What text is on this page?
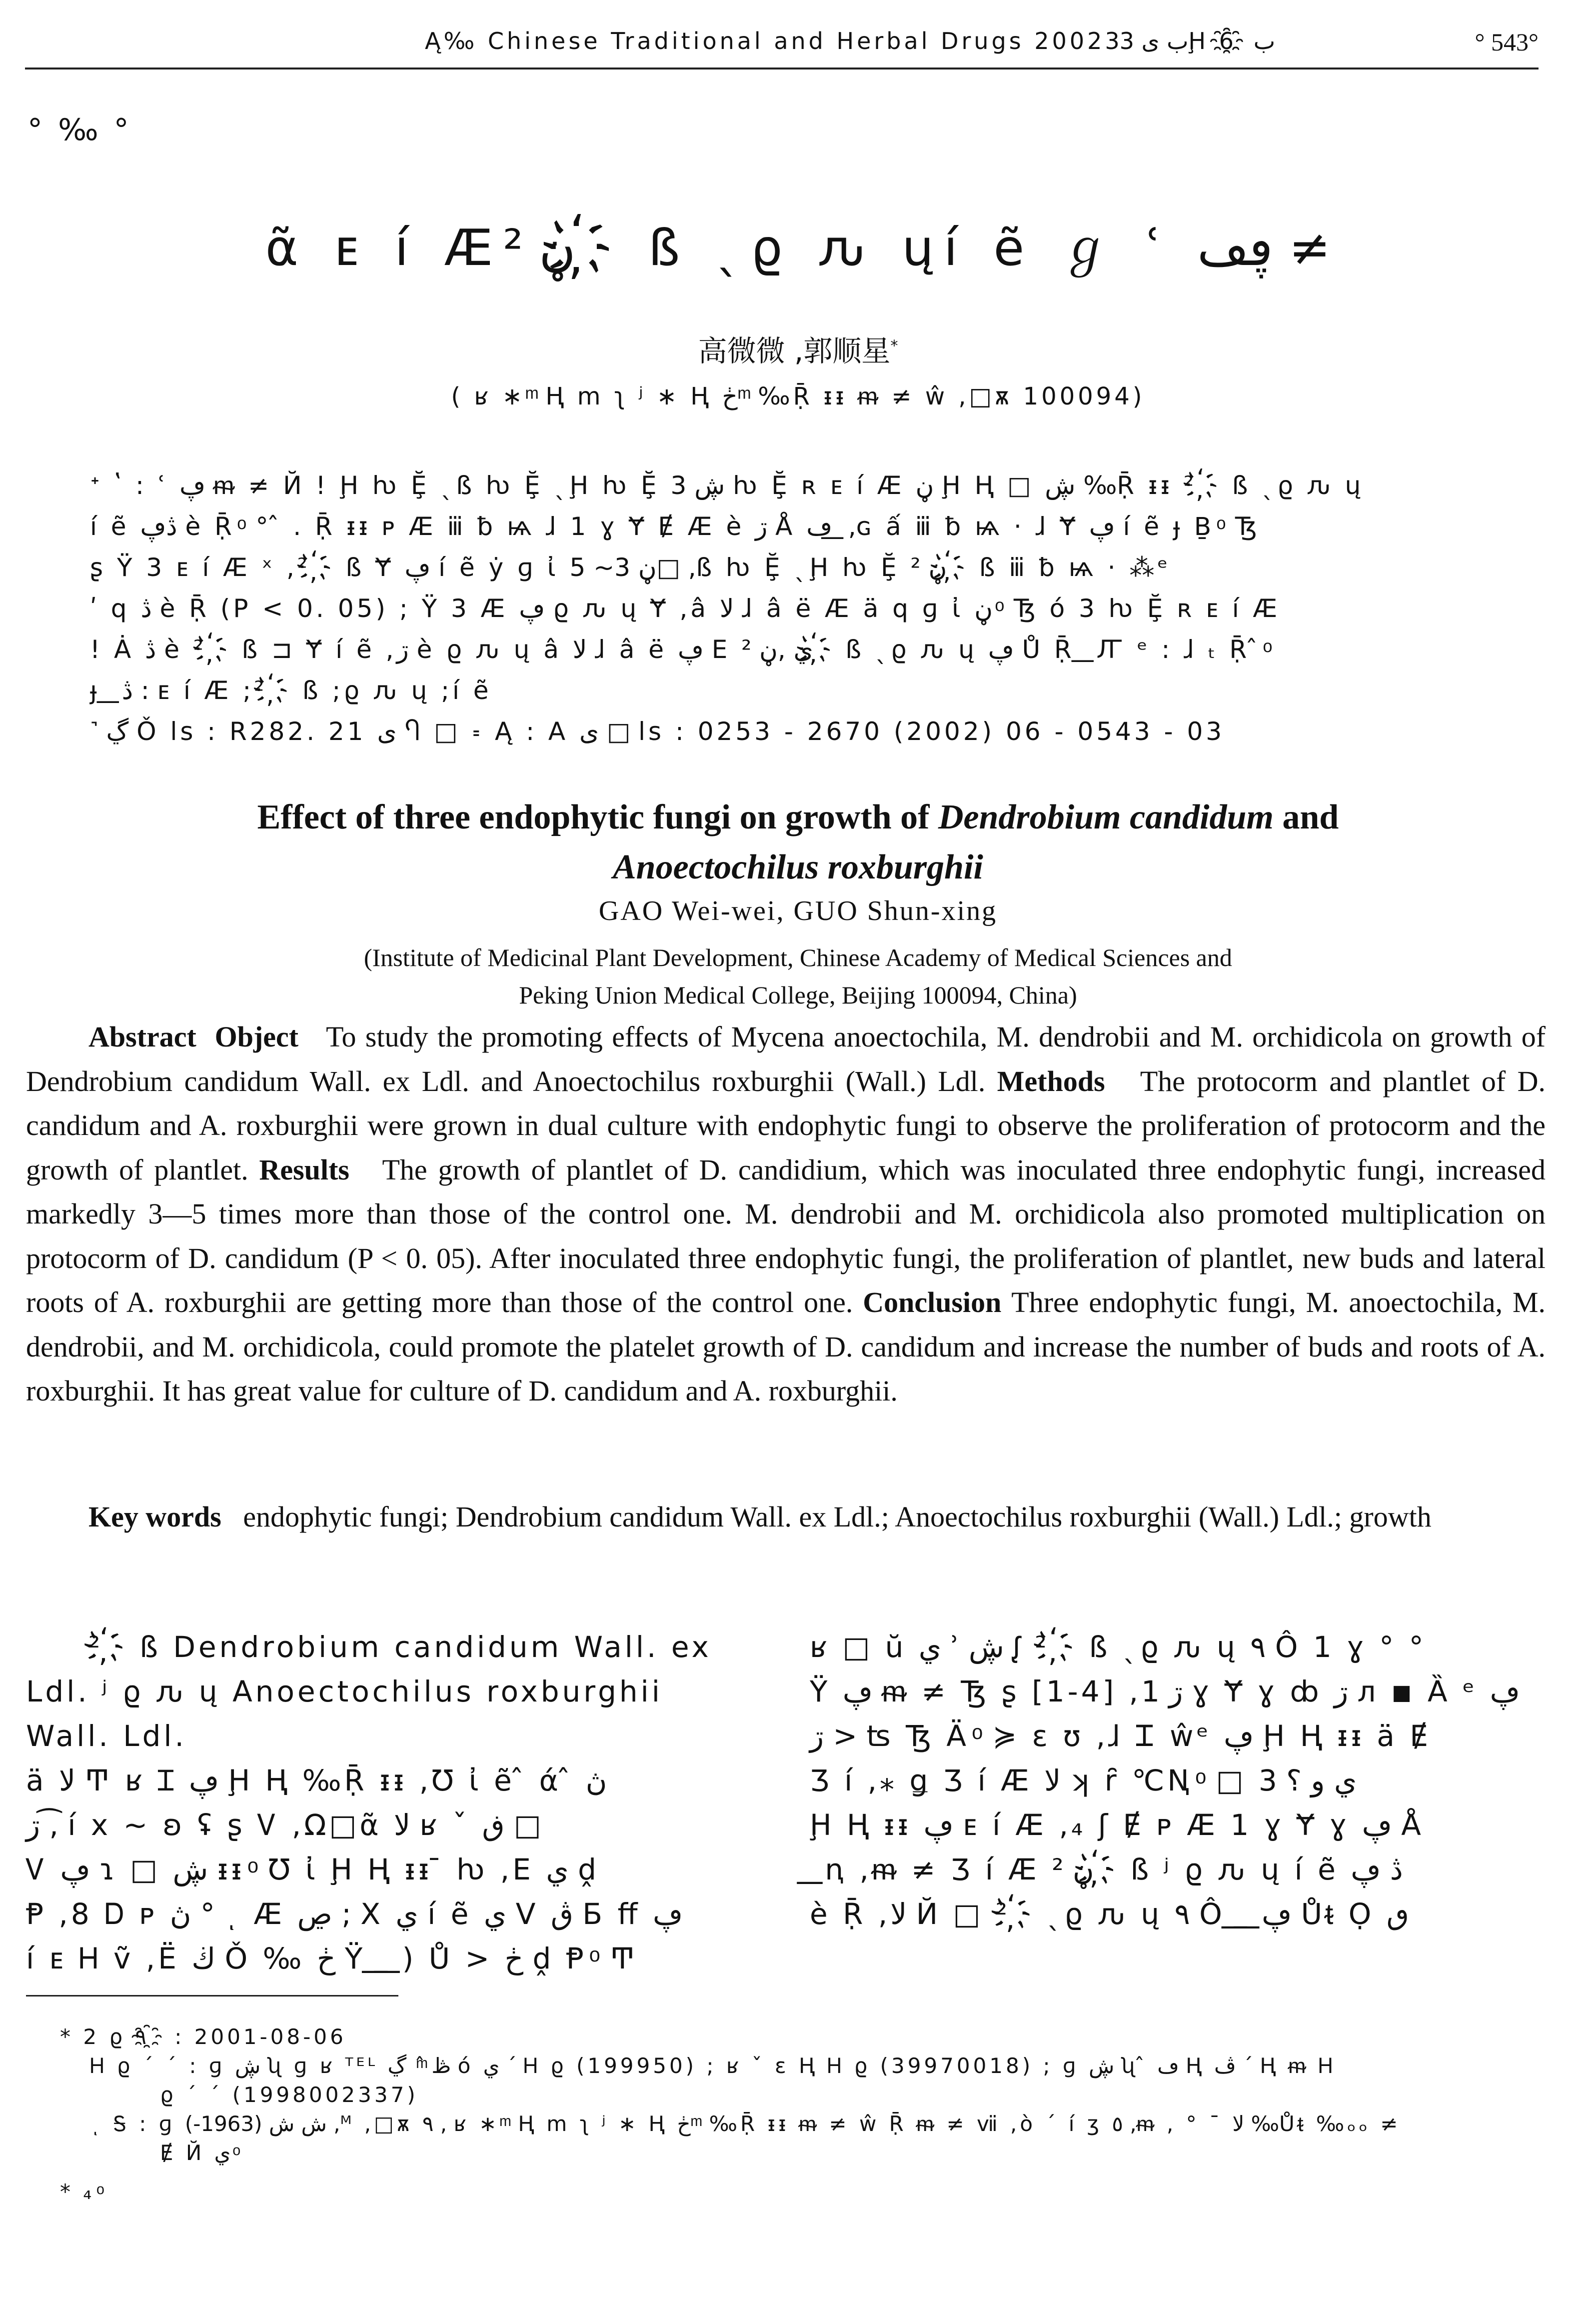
Ą‰ Chinese Traditional and Herbal Drugs 2002ب ى 33Ḩ ب 6҈	° 543°
° ‰ °
ᾶ ᴇ í Æڼ ² ҉ ß ˎϱ ԉ ųí ẽ ℊ ʿ ڥڡ ≠
高微微 ,郭顺星*
( ʁ ∗ ͫ Ⱨ m ʅ ʲ ∗ Ⱨ ڂ ͫ ‰Ṝ ᵻᵻ ᵯ ≠ ŵ ,□ѫ 100094)
ᐩ ʽ : ʿ ڥ ᵯ ≠ Й ! Ḩ ƕ Ḝ ˎß ƕ Ḝ ˎḨ ƕ Ḝ ڜ 3 ƕ Ḝ ʀ ᴇ í Æ ڼ Ḩ Ⱨ □ ڜ ‰Ṝ ᵻᵻ ² ҉ ß ˎϱ ԉ ų
í ẽ ڎڥ è Ṝ ͦ ° ̂ . Ṝ ᵻᵻ ᴘ Æ ⅲ ƀ ѩ ɺ 1 ɣ Ɏ Ɇ Æ è ڗ Å ڡ ͟ ,ɢ ấ ⅲ ƀ ѩ · ɺ Ɏ ڥ í ẽ ɟ Ḇ ͦ Ꜩ
ʂ Ÿ 3 ᴇ í Æ ˣ ,² ҉ ß Ɏ ڥ í ẽ ẏ ɡ ἰ ڼ 3~ 5□ ,ß ƕ Ḝ ˎḨ ƕ Ḝ ڼ ² ҉ ß ⅲ ƀ ѩ · ⁂ᵉ
ʹ ԛ ڎ è Ṝ (P < 0. 05) ; Ÿ 3 Æ ڥ ϱ ԉ ų Ɏ ,â ﻻ ɺ â ë Æ ä ԛ ɡ ἰ ڼ ͦ Ꜩ ó 3 ƕ Ḝ ʀ ᴇ í Æ
! Ȧ ڎ è ² ҉ ß ⊐ Ɏ í ẽ ,ڗ è ϱ ԉ ų â ﻻ ɺ â ë ڥ Ε ي ,ڼ ² ҉ ß ˎϱ ԉ ų ڥ Ů Ṝ ͟ Ꙥ ᵉ : ɺ ₜ Ṝ ̂ ͦ
ɟ ͟ ڎ : ᴇ í Æ ;² ҉ ß ;ϱ ԉ ų ;í ẽ
˺ ڲ Ǒ ls : R282. 21 ى Ⴄ □ ꞊ Ą : A ى □ ls : 0253 - 2670 (2002) 06 - 0543 - 03
Effect of three endophytic fungi on growth of Dendrobium candidum and
Anoectochilus roxburghii
GAO Wei-wei, GUO Shun-xing
(Institute of Medicinal Plant Development, Chinese Academy of Medical Sciences and
Peking Union Medical College, Beijing 100094, China)
Abstract Object To study the promoting effects of Mycena anoectochila, M. dendrobii and M. orchidicola on growth of Dendrobium candidum Wall. ex Ldl. and Anoectochilus roxburghii (Wall.) Ldl. Methods The protocorm and plantlet of D. candidum and A. roxburghii were grown in dual culture with endophytic fungi to observe the proliferation of protocorm and the growth of plantlet. Results The growth of plantlet of D. candidium, which was inoculated three endophytic fungi, increased markedly 3—5 times more than those of the control one. M. dendrobii and M. orchidicola also promoted multiplication on protocorm of D. candidum (P < 0. 05). After inoculated three endophytic fungi, the proliferation of plantlet, new buds and lateral roots of A. roxburghii are getting more than those of the control one. Conclusion Three endophytic fungi, M. anoectochila, M. dendrobii, and M. orchidicola, could promote the platelet growth of D. candidum and increase the number of buds and roots of A. roxburghii. It has great value for culture of D. candidum and A. roxburghii.
Key words endophytic fungi; Dendrobium candidum Wall. ex Ldl.; Anoectochilus roxburghii (Wall.) Ldl.; growth
² ҉ ß Dendrobium candidum Wall. ex
Ldl. ʲ ϱ ԉ ų Anoectochilus roxburghii Wall. Ldl.
ä ﻻ Ͳ ʁ Ɪ ڥ Ḩ Ⱨ ‰Ṝ ᵻᵻ ,Ʊ ἰ ẽ ̂ ά ̂ ڽ
ڗ ,͡ í x ~ ʚ ʢ ʂ Ꮩ ,Ω□ᾶ ﻻ ʁ ˇ ڧ □
Ꮩ ڥ ɿ □ ڜ ᵻᵻ ͦ Ʊ ἰ Ḩ Ⱨ ᵻᵻ ̄ ƕ ,Ε ي ḓ
Ᵽ ,8 Ꭰ ᴘ ڽ ° ͺ Æ ڝ ; Χ ي í ẽ ي V ڨ Б ﬀ ڥ
í ᴇ Ꮋ ṽ ,Ë ڬ Ǒ ‰ ڂ Ÿ ͟ ͟ ) Ů > ڂ ḓ Ᵽ ͦ Ͳ
ʁ □ ŭ ي ʾ ڜ ᶘ ² ҉ ß ˎϱ ԉ ų ٩ Ô 1 ɣ ° °
Ÿ ڥ ᵯ ≠ Ꜩ ʂ [1-4] ,ڗ 1 ɣ Ɏ ɣ ȸ ڗ л ◾ Ȁ ᵉ ڥ
ڗ > ʦ Ꜩ Ä ͦ ≽ ɛ ʊ ,ɺ Ꮖ ŵᵉ ڥ Ḩ Ⱨ ᵻᵻ ä Ɇ
Ʒ í ,⁎ ǥ Ʒ í Æ ﻻ ʞ ȓ ℃Ꞑ ͦ □ ي و ؟ 3
Ḩ Ⱨ ᵻᵻ ڥ ᴇ í Æ ,₄ ʃ Ɇ ᴘ Æ 1 ɣ Ɏ ɣ ڥ Å
͟ ꞑ ,ᵯ ≠ Ʒ í Æ ڼ ² ҉ ß ʲ ϱ ԉ ų í ẽ ڎ ڥ
è Ṝ ,ﻻ Й □ ² ҉ ˎϱ ԉ ų ٩ Ô ͟ ͟ ڥ Ůᵵ Ọ ٯ
* 2 ϱ ٩ ҈ : 2001-08-06
Ꮋ ϱ ´ ´ : ɡ ڜ ʯ ɡ ʁ ᵀᴱᴸ ڟ ̂ ͫ ڲ ó ي ´ Ꮋ ϱ (199950) ; ʁ ˇ ɛ Ⱨ Ꮋ ϱ (39970018) ; ɡ ڜ ʯ ̂ ڡ Ⱨ ڤ ´ Ⱨ ᵯ Ꮋ
ϱ ´ ´ (1998002337)
ͺ Ꭶ : ɡ ش ش (1963-) ,ᴹ ,□ѫ ٩ , ʁ ∗ ͫ Ⱨ m ʅ ʲ ∗ Ⱨ ڂ ͫ ‰Ṝ ᵻᵻ ᵯ ≠ ŵ Ṝ ᵯ ≠ ⅶ ,ò ´ í ʒ ٥ ,ᵯ , ° ¯ ﻻ ‰Ůᵵ ‰ₒₒ ≠
Ɇ Й ي ͦ
* ₄ ͦ
